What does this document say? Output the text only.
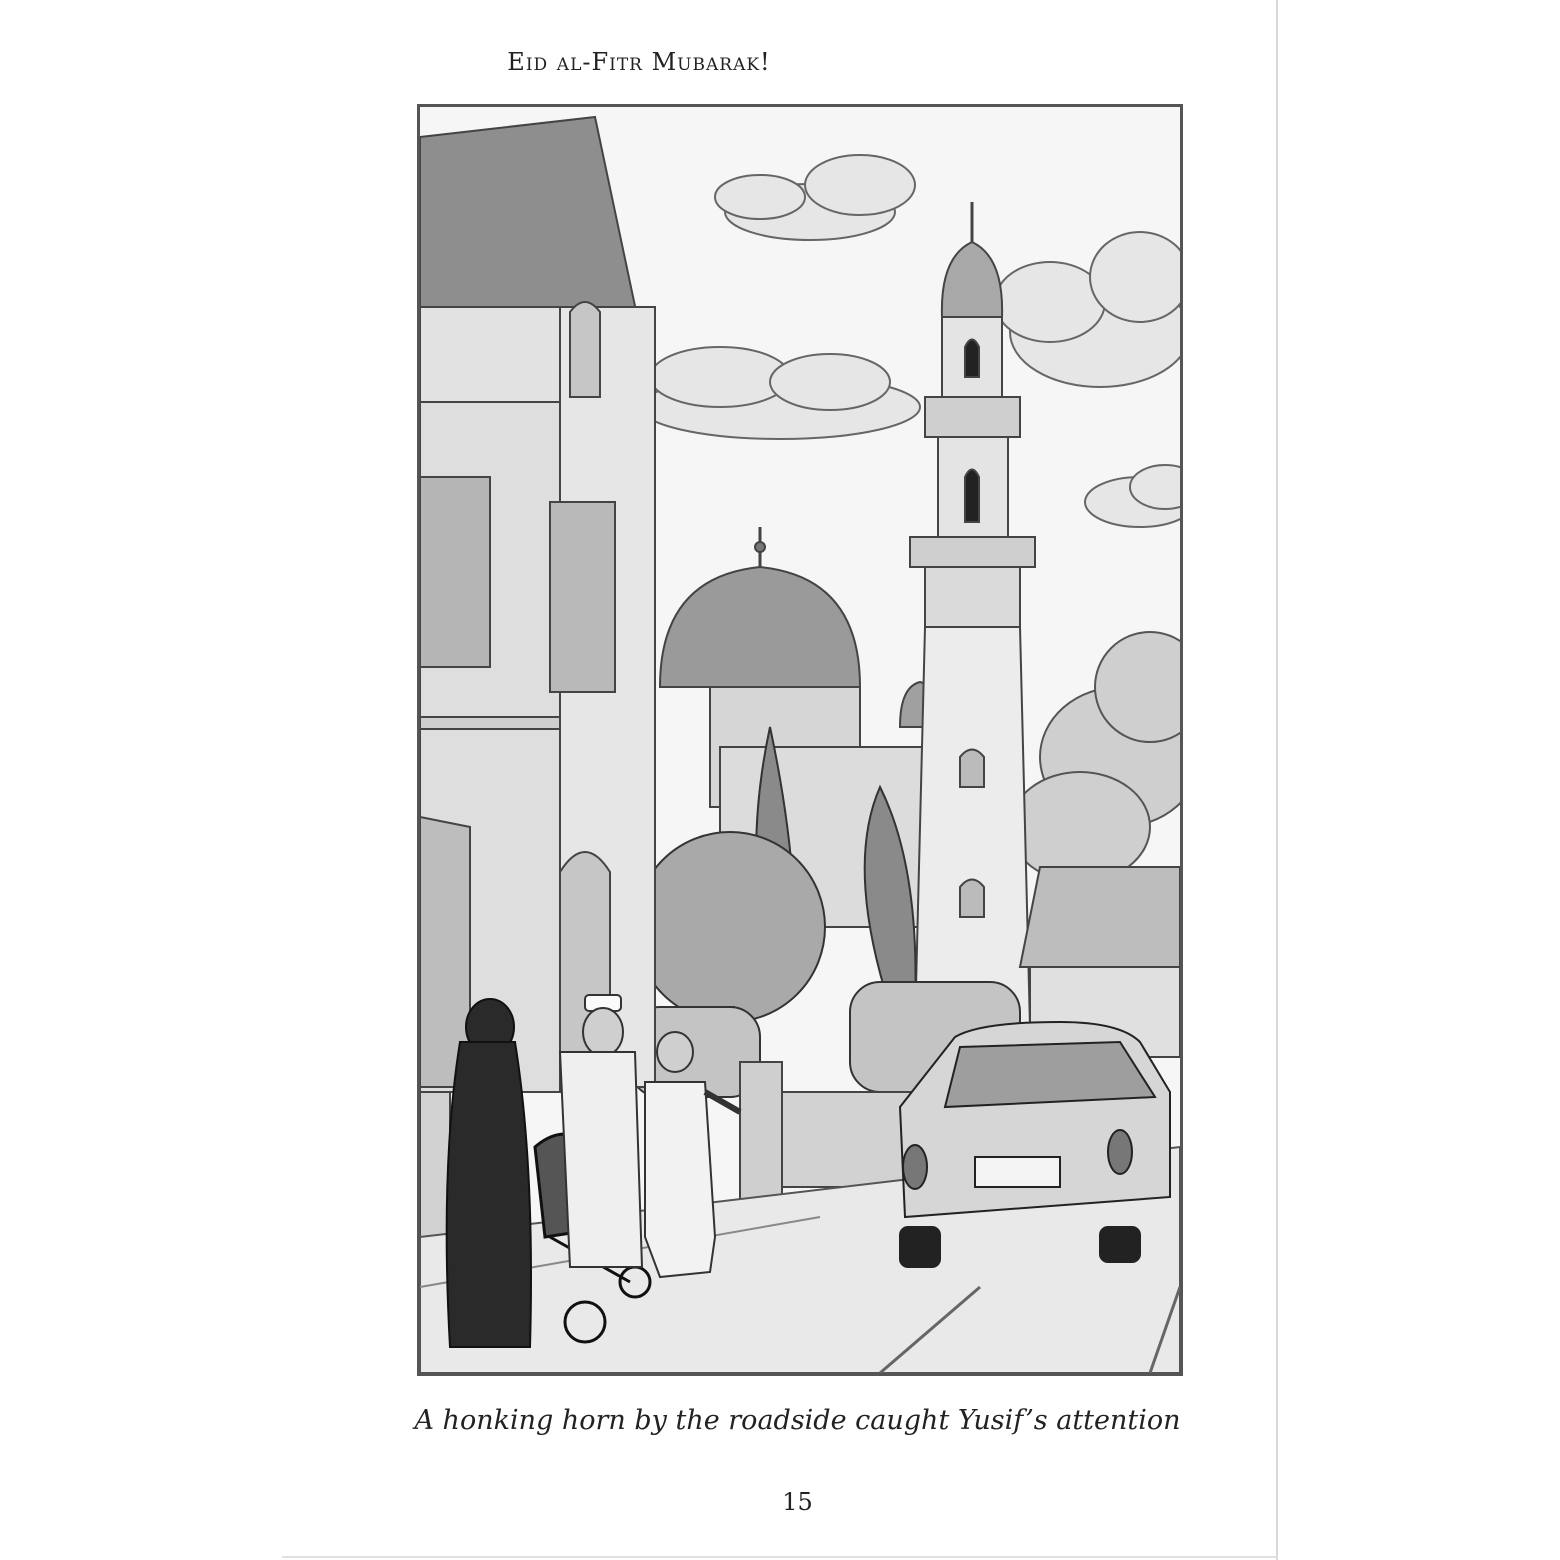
Eid al-Fitr Mubarak!
A honking horn by the roadside caught Yusif’s attention
15
